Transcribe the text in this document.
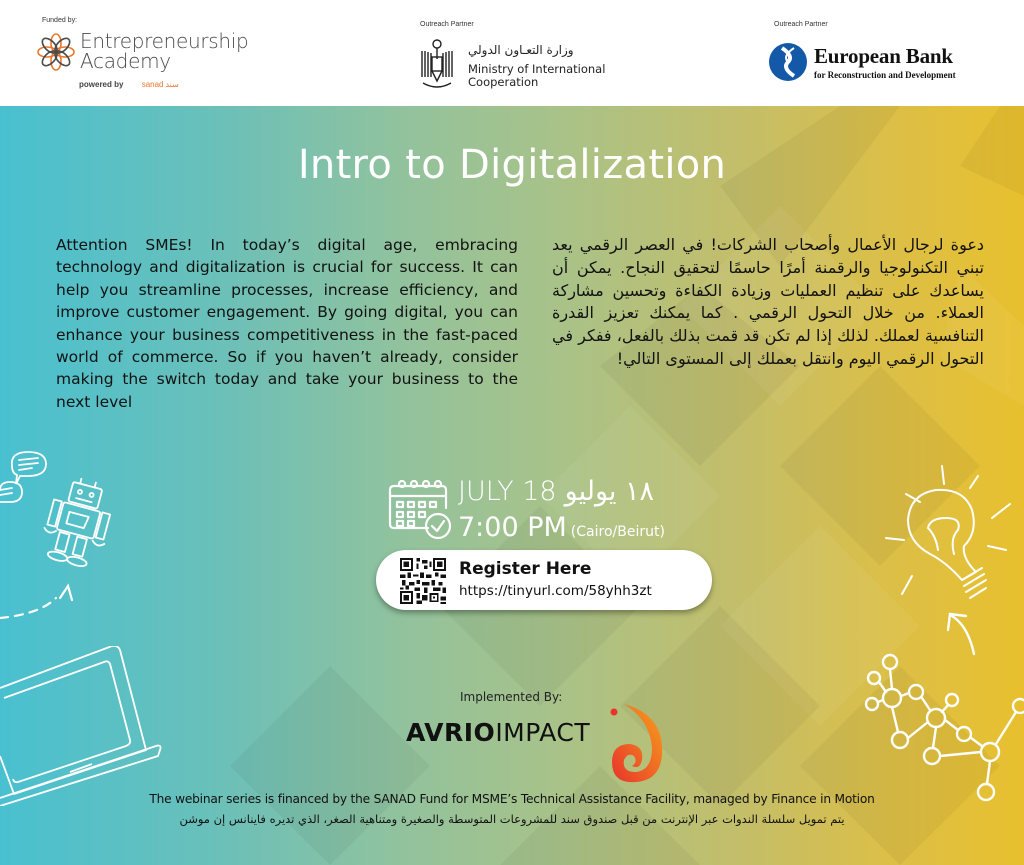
Funded by:
Entrepreneurship
Academy
powered by sanad سند
Outreach Partner
وزارة التعـاون الدولي
Ministry of International
Cooperation
Outreach Partner
European Bank
for Reconstruction and Development
Intro to Digitalization

Attention SMEs! In today’s digital age, embracing technology and digitalization is crucial for success. It can help you streamline processes, increase efficiency, and improve customer engagement. By going digital, you can enhance your business competitiveness in the fast-paced world of commerce. So if you haven’t already, consider making the switch today and take your business to the next level

دعوة لرجال الأعمال وأصحاب الشركات! في العصر الرقمي يعد تبني التكنولوجيا والرقمنة أمرًا حاسمًا لتحقيق النجاح. يمكن أن يساعدك على تنظيم العمليات وزيادة الكفاءة وتحسين مشاركة العملاء. من خلال التحول الرقمي . كما يمكنك تعزيز القدرة التنافسية لعملك. لذلك إذا لم تكن قد قمت بذلك بالفعل، ففكر في التحول الرقمي اليوم وانتقل بعملك إلى المستوى التالي!

JULY 18 ١٨ يوليو
7:00 PM (Cairo/Beirut)
Register Here
https://tinyurl.com/58yhh3zt
Implemented By:
AVRIOIMPACT
The webinar series is financed by the SANAD Fund for MSME’s Technical Assistance Facility, managed by Finance in Motion
يتم تمويل سلسلة الندوات عبر الإنترنت من قبل صندوق سند للمشروعات المتوسطة والصغيرة ومتناهية الصغر، الذي تديره فاينانس إن موشن
